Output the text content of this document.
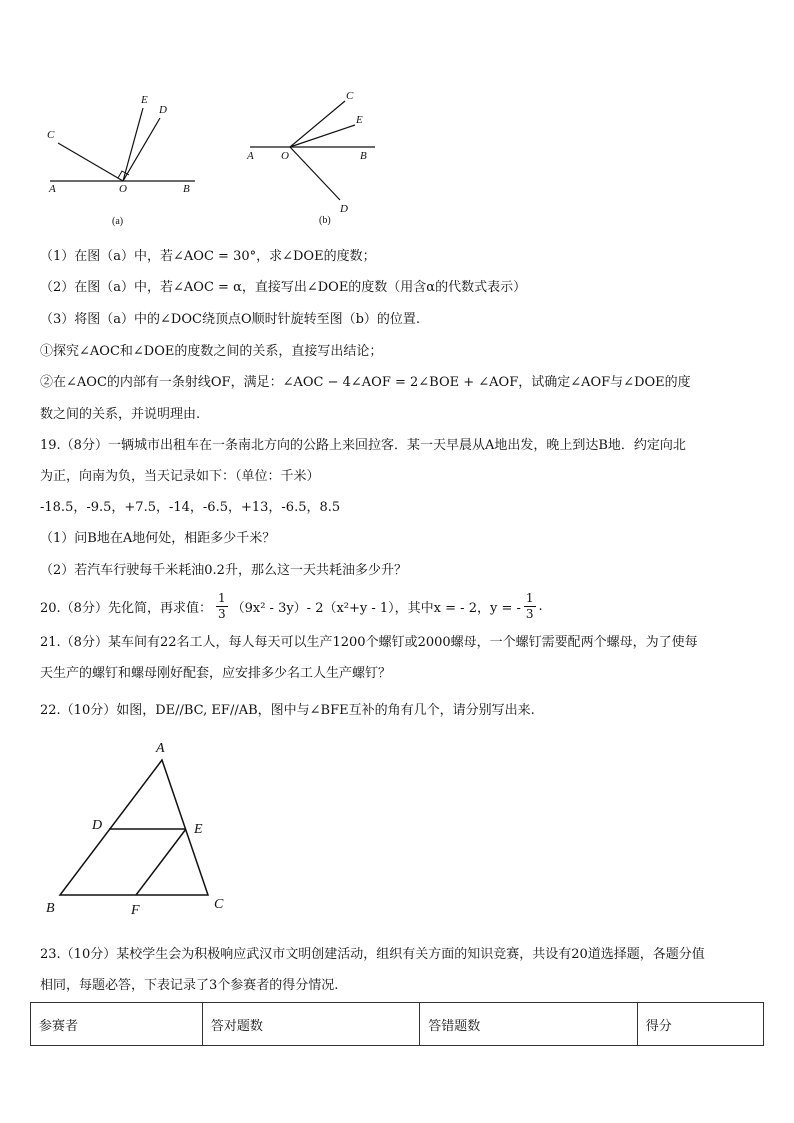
C
E
D
A	O	B
(a)
C
E
A O	B
D
(b)
（1）在图（a）中，若∠AOC = 30°，求∠DOE的度数；
（2）在图（a）中，若∠AOC = α，直接写出∠DOE的度数（用含α的代数式表示）
（3）将图（a）中的∠DOC绕顶点O顺时针旋转至图（b）的位置.
①探究∠AOC和∠DOE的度数之间的关系，直接写出结论；
②在∠AOC的内部有一条射线OF，满足：∠AOC − 4∠AOF = 2∠BOE + ∠AOF，试确定∠AOF与∠DOE的度
数之间的关系，并说明理由.
19.（8分）一辆城市出租车在一条南北方向的公路上来回拉客．某一天早晨从A地出发，晚上到达B地．约定向北
为正，向南为负，当天记录如下：（单位：千米）
-18.5，-9.5，+7.5，-14，-6.5，+13，-6.5，8.5
（1）问B地在A地何处，相距多少千米？
（2）若汽车行驶每千米耗油0.2升，那么这一天共耗油多少升？
20.（8分）先化简，再求值： $\frac{1}{3} (9x^2 - 3y)-$ 2（x²+y - 1），其中x = - 2，y = - $\frac{1}{3}$ .
21.（8分）某车间有22名工人，每人每天可以生产1200个螺钉或2000螺母，一个螺钉需要配两个螺母，为了使每
天生产的螺钉和螺母刚好配套，应安排多少名工人生产螺钉？
22.（10分）如图，DE//BC, EF//AB，图中与∠BFE互补的角有几个，请分别写出来.
A
D	E
B	F	C
23.（10分）某校学生会为积极响应武汉市文明创建活动，组织有关方面的知识竞赛，共设有20道选择题，各题分值
相同，每题必答，下表记录了3个参赛者的得分情况.
参赛者	答对题数	答错题数	得分
